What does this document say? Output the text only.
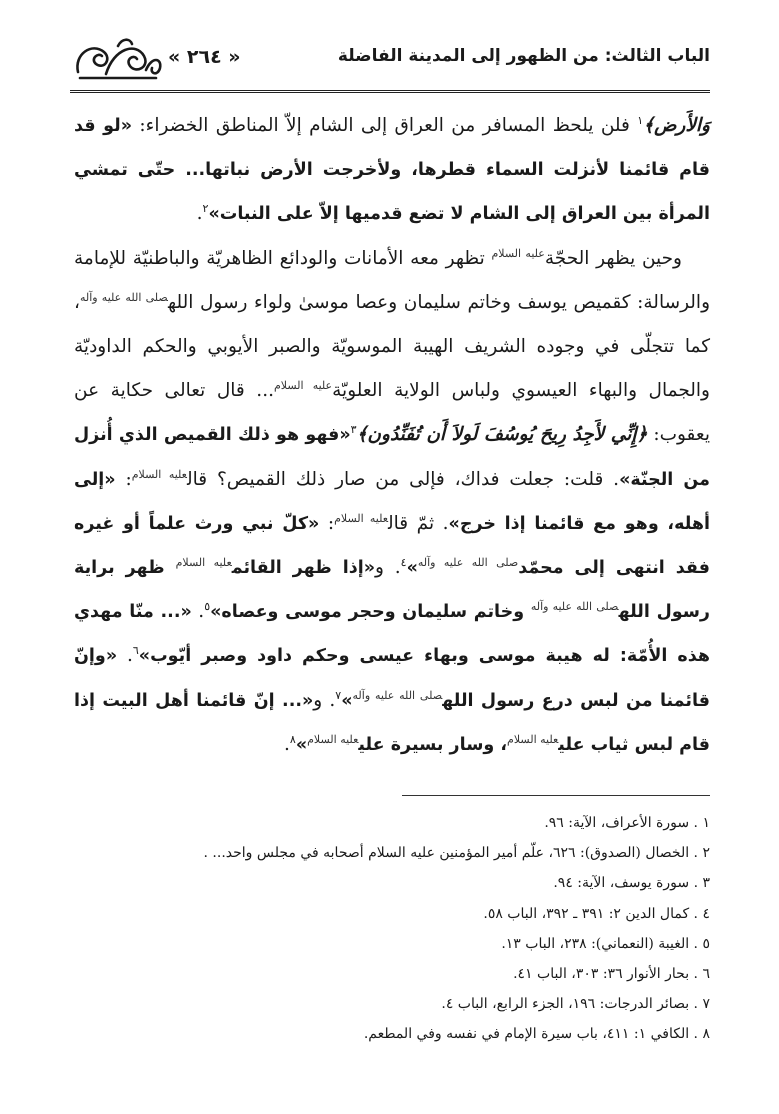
« ٢٦٤ »	الباب الثالث: من الظهور إلى المدينة الفاضلة

وَالأَرض﴾$^١$ فلن يلحظ المسافر من العراق إلى الشام إلاّ المناطق الخضراء: «لو قد قام قائمنا لأنزلت السماء قطرها، ولأخرجت الأرض نباتها... حتّى تمشي المرأة بين العراق إلى الشام لا تضع قدميها إلاّ على النبات»$^٢$.

وحين يظهر الحجّة$^{عليه السلام}$ تظهر معه الأمانات والودائع الظاهريّة والباطنيّة للإمامة والرسالة: كقميص يوسف وخاتم سليمان وعصا موسىٰ ولواء رسول الله$^{صلى الله عليه وآله}$، كما تتجلّى في وجوده الشريف الهيبة الموسويّة والصبر الأيوبي والحكم الداوديّة والجمال والبهاء العيسوي ولباس الولاية العلويّة$^{عليه السلام}$... قال تعالى حكاية عن يعقوب: ﴿إِنِّي لأَجِدُ رِيحَ يُوسُفَ لَولاَ أَن تُفَنِّدُون﴾$^٣$«فهو هو ذلك القميص الذي أُنزل من الجنّة». قلت: جعلت فداك، فإلى من صار ذلك القميص؟ قال$^{عليه السلام}$: «إلى أهله، وهو مع قائمنا إذا خرج». ثمّ قال$^{عليه السلام}$: «كلّ نبي ورث علماً أو غيره فقد انتهى إلى محمّد$^{صلى الله عليه وآله}$»$^٤$. و«إذا ظهر القائم$^{عليه السلام}$ ظهر براية رسول الله$^{صلى الله عليه وآله}$ وخاتم سليمان وحجر موسى وعصاه»$^٥$. «... منّا مهدي هذه الأُمّة: له هيبة موسى وبهاء عيسى وحكم داود وصبر أيّوب»$^٦$. «وإنّ قائمنا من لبس درع رسول الله$^{صلى الله عليه وآله}$»$^٧$. و«... إنّ قائمنا أهل البيت إذا قام لبس ثياب علي$^{عليه السلام}$، وسار بسيرة علي$^{عليه السلام}$»$^٨$.

١ . سورة الأعراف، الآية: ٩٦.

٢ . الخصال (الصدوق): ٦٢٦، علّم أمير المؤمنين عليه السلام أصحابه في مجلس واحد... .

٣ . سورة يوسف، الآية: ٩٤.

٤ . كمال الدين ٢: ٣٩١ ـ ٣٩٢، الباب ٥٨.

٥ . الغيبة (النعماني): ٢٣٨، الباب ١٣.

٦ . بحار الأنوار ٣٦: ٣٠٣، الباب ٤١.

٧ . بصائر الدرجات: ١٩٦، الجزء الرابع، الباب ٤.

٨ . الكافي ١: ٤١١، باب سيرة الإمام في نفسه وفي المطعم.
